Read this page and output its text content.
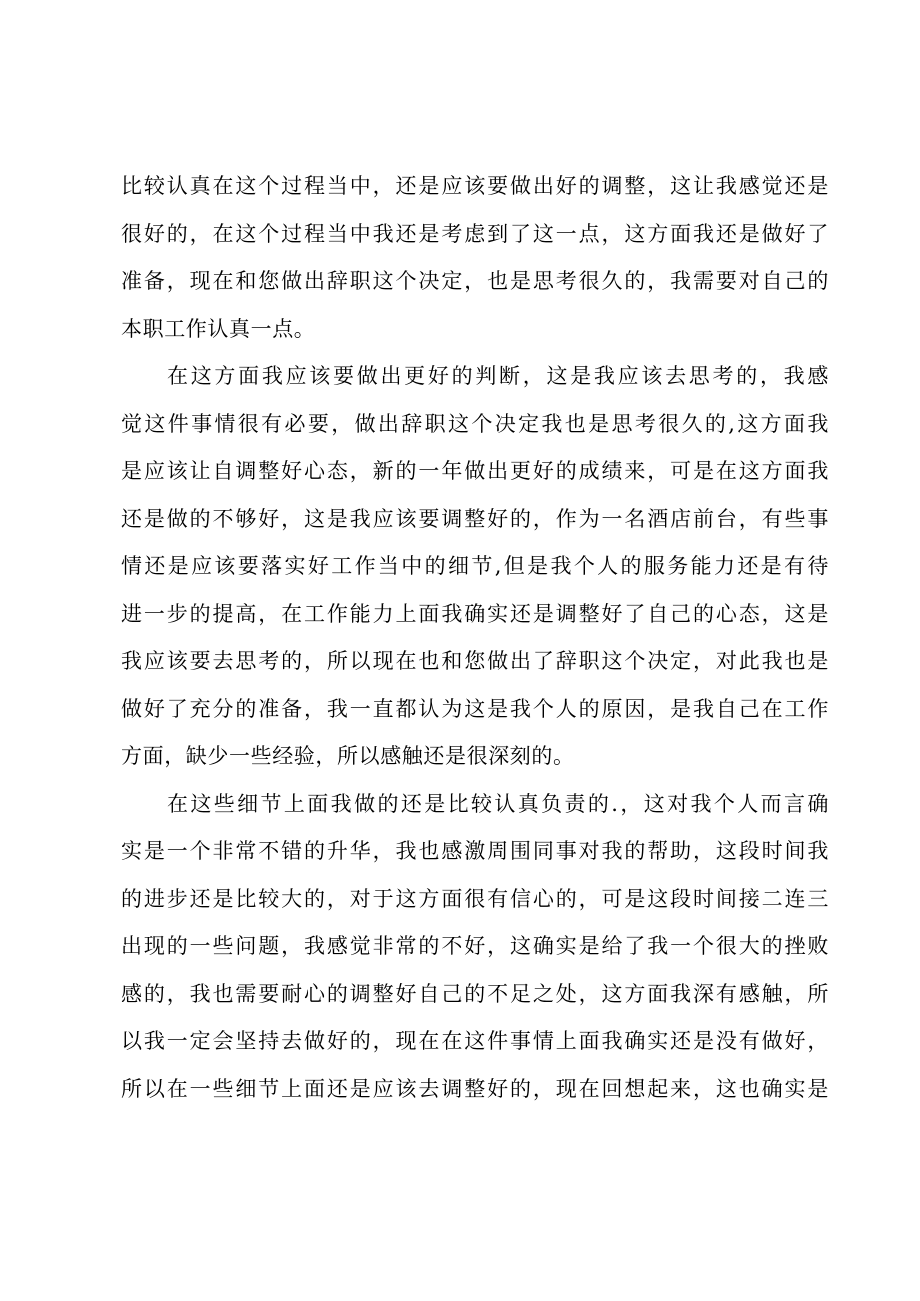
比较认真在这个过程当中，还是应该要做出好的调整，这让我感觉还是
很好的，在这个过程当中我还是考虑到了这一点，这方面我还是做好了
准备，现在和您做出辞职这个决定，也是思考很久的，我需要对自己的
本职工作认真一点。
在这方面我应该要做出更好的判断，这是我应该去思考的，我感
觉这件事情很有必要，做出辞职这个决定我也是思考很久的,这方面我
是应该让自调整好心态，新的一年做出更好的成绩来，可是在这方面我
还是做的不够好，这是我应该要调整好的，作为一名酒店前台，有些事
情还是应该要落实好工作当中的细节,但是我个人的服务能力还是有待
进一步的提高，在工作能力上面我确实还是调整好了自己的心态，这是
我应该要去思考的，所以现在也和您做出了辞职这个决定，对此我也是
做好了充分的准备，我一直都认为这是我个人的原因，是我自己在工作
方面，缺少一些经验，所以感触还是很深刻的。
在这些细节上面我做的还是比较认真负责的.，这对我个人而言确
实是一个非常不错的升华，我也感激周围同事对我的帮助，这段时间我
的进步还是比较大的，对于这方面很有信心的，可是这段时间接二连三
出现的一些问题，我感觉非常的不好，这确实是给了我一个很大的挫败
感的，我也需要耐心的调整好自己的不足之处，这方面我深有感触，所
以我一定会坚持去做好的，现在在这件事情上面我确实还是没有做好，
所以在一些细节上面还是应该去调整好的，现在回想起来，这也确实是
